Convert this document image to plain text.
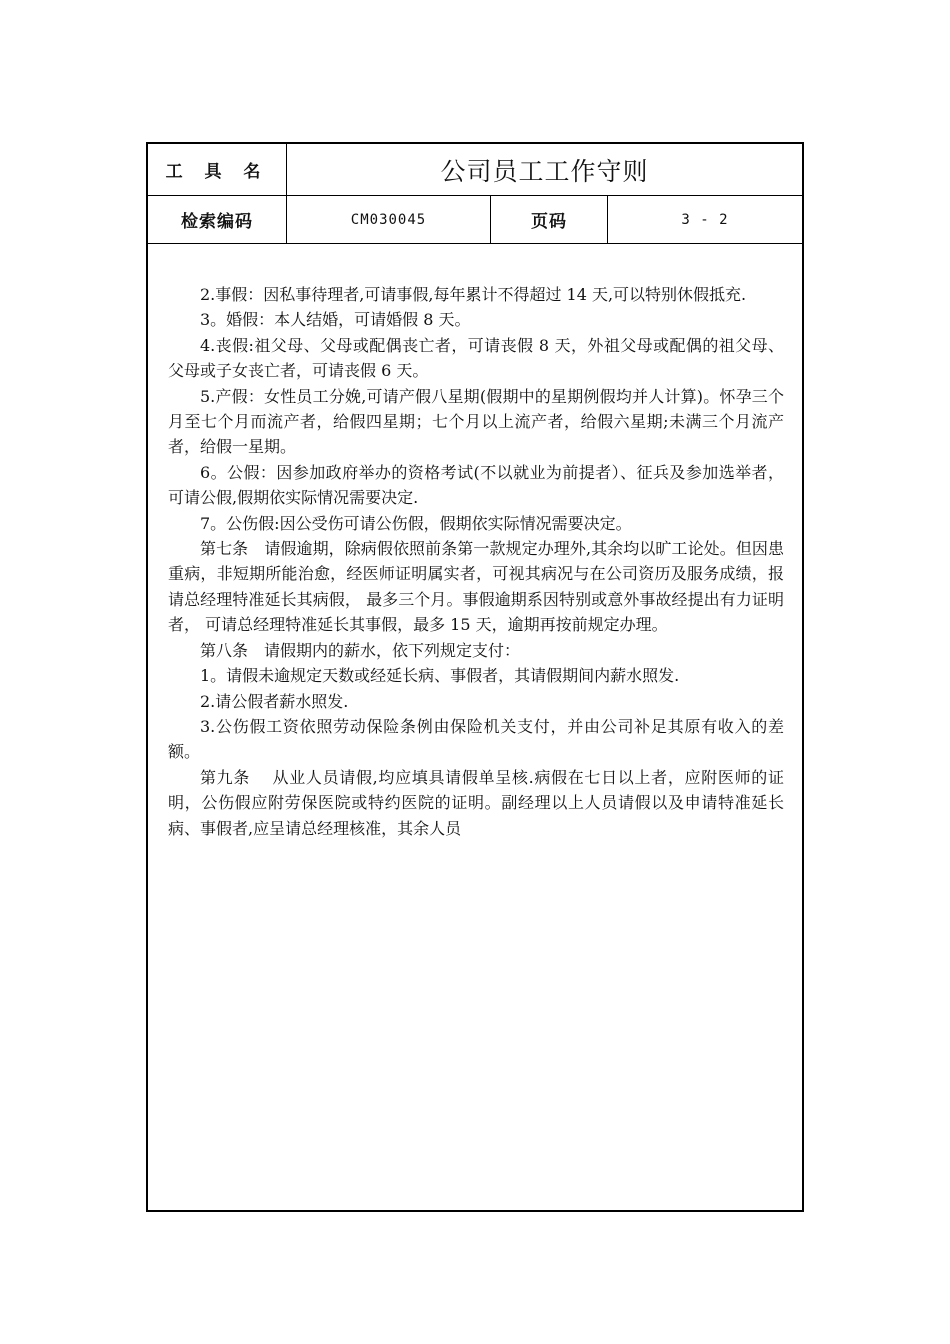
工 具 名	公司员工工作守则
检索编码	CM030045	页码	3 - 2

2.事假：因私事待理者,可请事假,每年累计不得超过 14 天,可以特别休假抵充.

3。婚假：本人结婚，可请婚假 8 天。

4.丧假:祖父母、父母或配偶丧亡者，可请丧假 8 天，外祖父母或配偶的祖父母、父母或子女丧亡者，可请丧假 6 天。

5.产假：女性员工分娩,可请产假八星期(假期中的星期例假均并人计算)。怀孕三个月至七个月而流产者，给假四星期；七个月以上流产者，给假六星期;未满三个月流产者，给假一星期。

6。公假：因参加政府举办的资格考试(不以就业为前提者）、征兵及参加选举者，可请公假,假期依实际情况需要决定.

7。公伤假:因公受伤可请公伤假，假期依实际情况需要决定。

第七条　请假逾期，除病假依照前条第一款规定办理外,其余均以旷工论处。但因患重病，非短期所能治愈，经医师证明属实者，可视其病况与在公司资历及服务成绩，报请总经理特准延长其病假， 最多三个月。事假逾期系因特别或意外事故经提出有力证明者， 可请总经理特准延长其事假，最多 15 天，逾期再按前规定办理。

第八条　请假期内的薪水，依下列规定支付：

1。请假未逾规定天数或经延长病、事假者，其请假期间内薪水照发.

2.请公假者薪水照发.

3.公伤假工资依照劳动保险条例由保险机关支付，并由公司补足其原有收入的差额。

第九条　 从业人员请假,均应填具请假单呈核.病假在七日以上者，应附医师的证明，公伤假应附劳保医院或特约医院的证明。副经理以上人员请假以及申请特准延长病、事假者,应呈请总经理核准，其余人员
